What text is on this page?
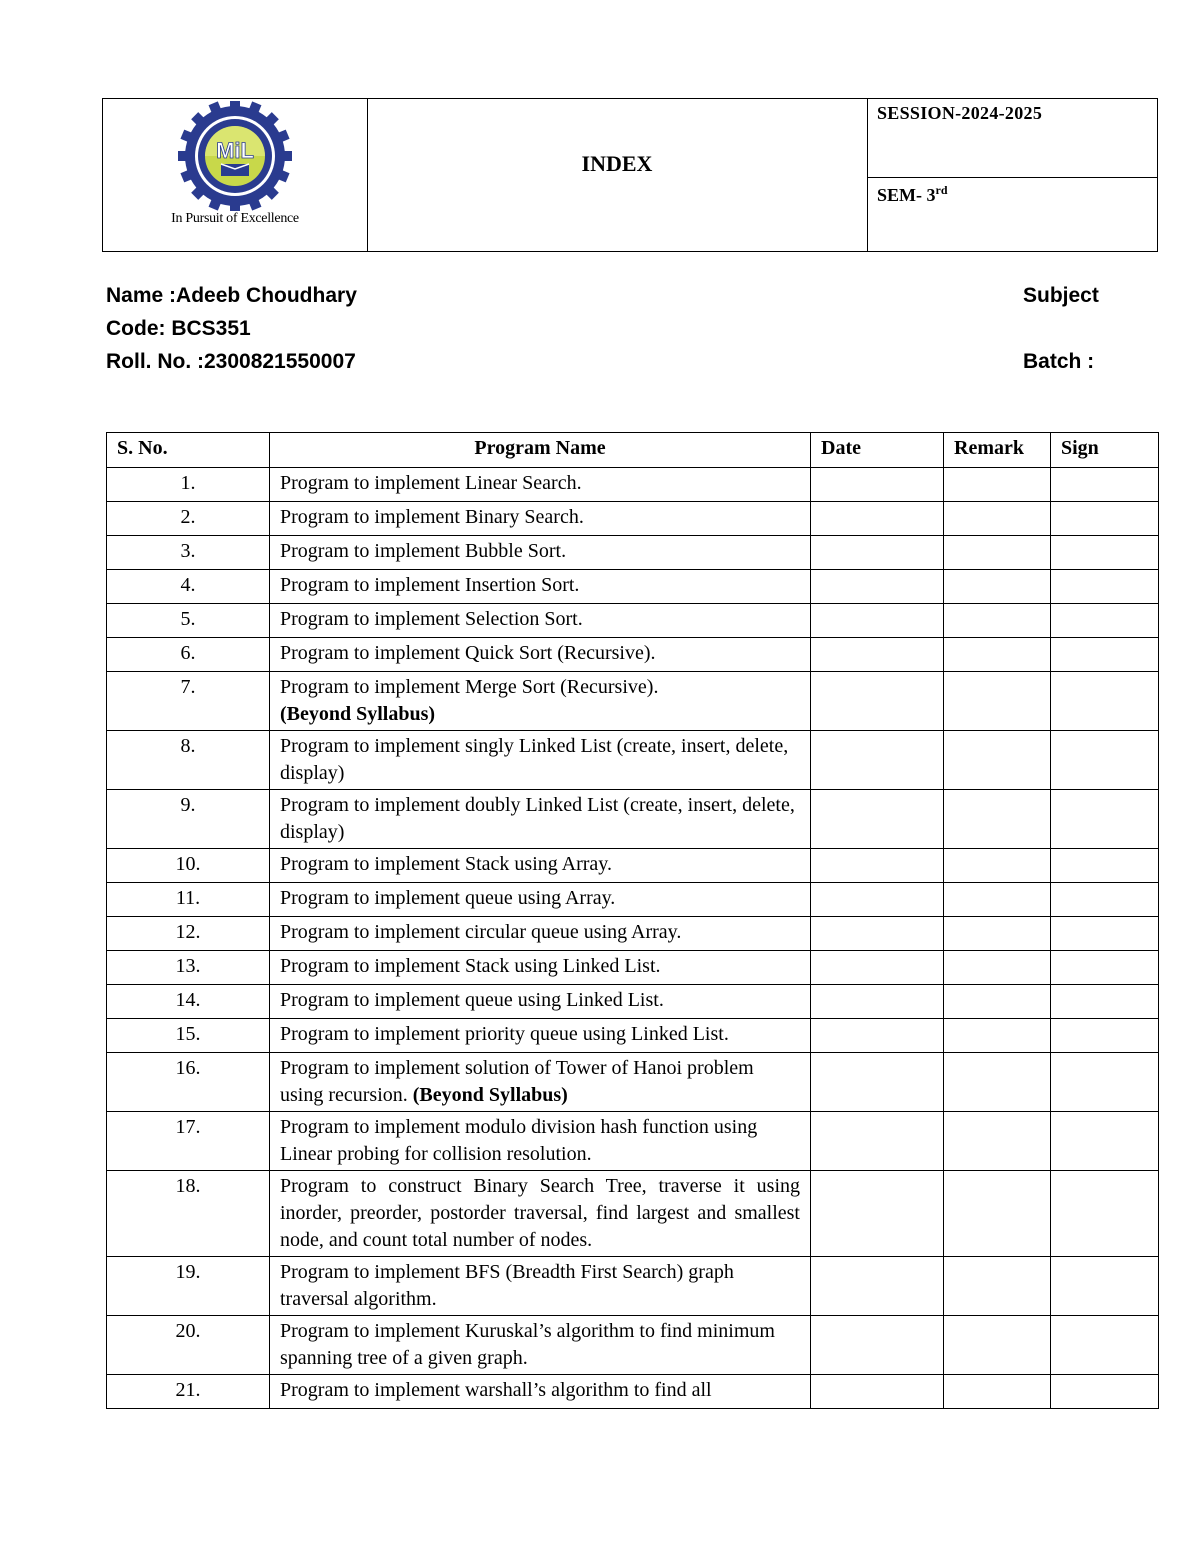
MiL
In Pursuit of Excellence
INDEX
SESSION-2024-2025
SEM- 3rd
Name :Adeeb Choudhary	Subject
Code: BCS351
Roll. No. :2300821550007	Batch :
S. No.	Program Name	Date	Remark	Sign
1.	Program to implement Linear Search.			
2.	Program to implement Binary Search.			
3.	Program to implement Bubble Sort.			
4.	Program to implement Insertion Sort.			
5.	Program to implement Selection Sort.			
6.	Program to implement Quick Sort (Recursive).			
7.	Program to implement Merge Sort (Recursive).
(Beyond Syllabus)			
8.	Program to implement singly Linked List (create, insert, delete, display)			
9.	Program to implement doubly Linked List (create, insert, delete, display)			
10.	Program to implement Stack using Array.			
11.	Program to implement queue using Array.			
12.	Program to implement circular queue using Array.			
13.	Program to implement Stack using Linked List.			
14.	Program to implement queue using Linked List.			
15.	Program to implement priority queue using Linked List.			
16.	Program to implement solution of Tower of Hanoi problem using recursion. (Beyond Syllabus)			
17.	Program to implement modulo division hash function using Linear probing for collision resolution.			
18.	Program to construct Binary Search Tree, traverse it using inorder, preorder, postorder traversal, find largest and smallest node, and count total number of nodes.			
19.	Program to implement BFS (Breadth First Search) graph traversal algorithm.			
20.	Program to implement Kuruskal’s algorithm to find minimum spanning tree of a given graph.			
21.	Program to implement warshall’s algorithm to find all			
